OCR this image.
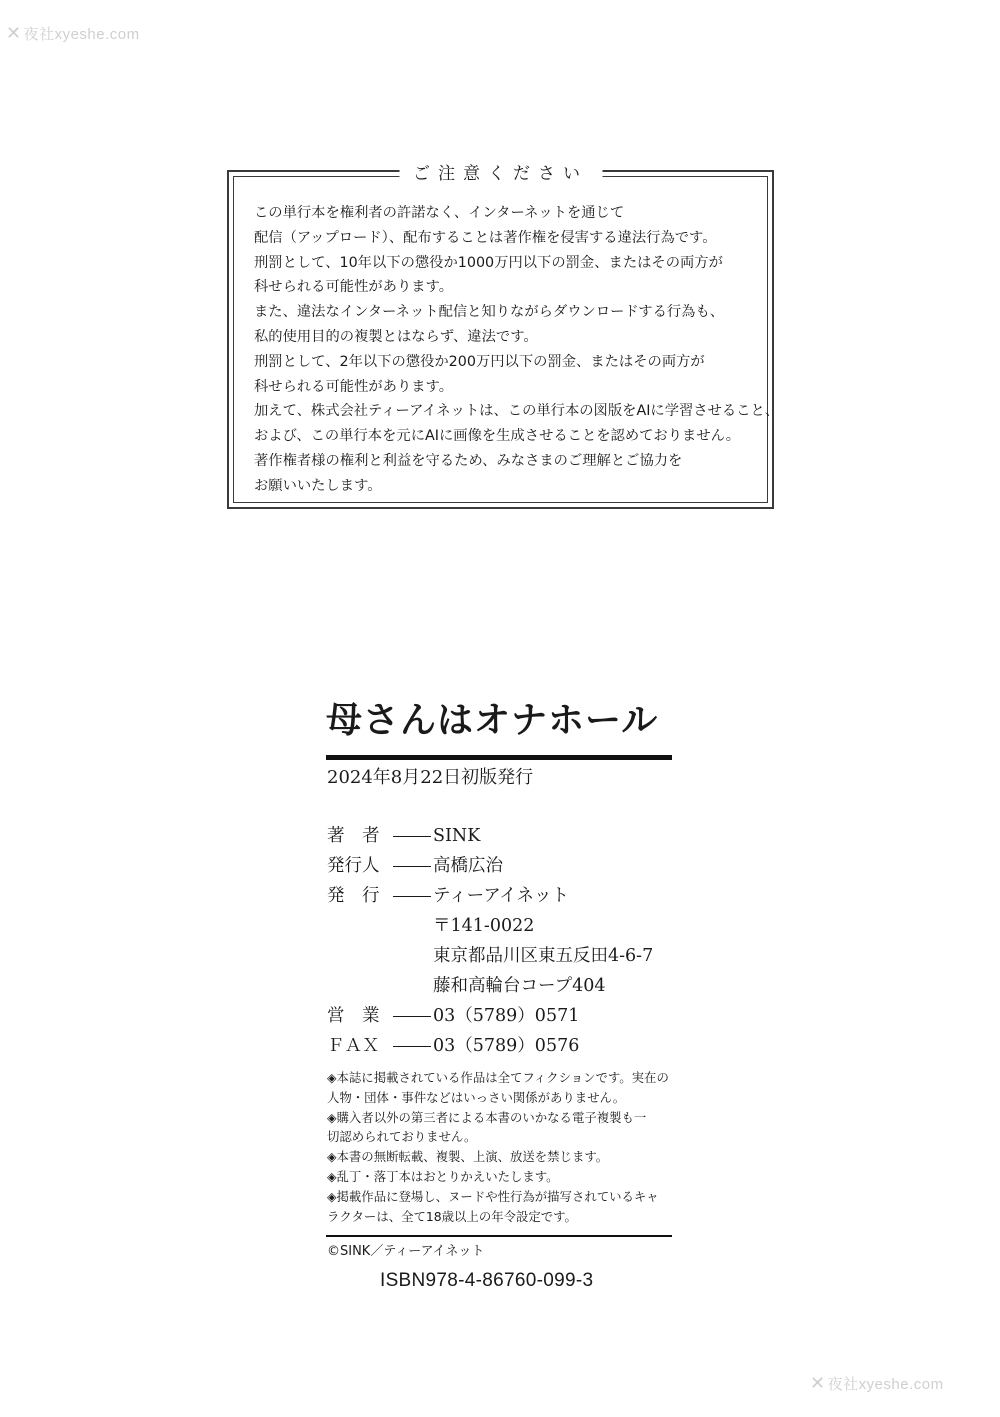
✕ 夜社xyeshe.com
✕ 夜社xyeshe.com
ご注意ください
この単行本を権利者の許諾なく、インターネットを通じて
配信（アップロード）、配布することは著作権を侵害する違法行為です。
刑罰として、10年以下の懲役か1000万円以下の罰金、またはその両方が
科せられる可能性があります。
また、違法なインターネット配信と知りながらダウンロードする行為も、
私的使用目的の複製とはならず、違法です。
刑罰として、2年以下の懲役か200万円以下の罰金、またはその両方が
科せられる可能性があります。
加えて、株式会社ティーアイネットは、この単行本の図版をAIに学習させること、
および、この単行本を元にAIに画像を生成させることを認めておりません。
著作権者様の権利と利益を守るため、みなさまのご理解とご協力を
お願いいたします。
母さんはオナホール
2024年8月22日初版発行
著　者	SINK
発行人	高橋広治
発　行	ティーアイネット
〒141-0022
東京都品川区東五反田4-6-7
藤和高輪台コープ404
営　業	03（5789）0571
ＦＡＸ	03（5789）0576
◈本誌に掲載されている作品は全てフィクションです。実在の
人物・団体・事件などはいっさい関係がありません。
◈購入者以外の第三者による本書のいかなる電子複製も一
切認められておりません。
◈本書の無断転載、複製、上演、放送を禁じます。
◈乱丁・落丁本はおとりかえいたします。
◈掲載作品に登場し、ヌードや性行為が描写されているキャ
ラクターは、全て18歳以上の年令設定です。
©SINK／ティーアイネット
ISBN978-4-86760-099-3
